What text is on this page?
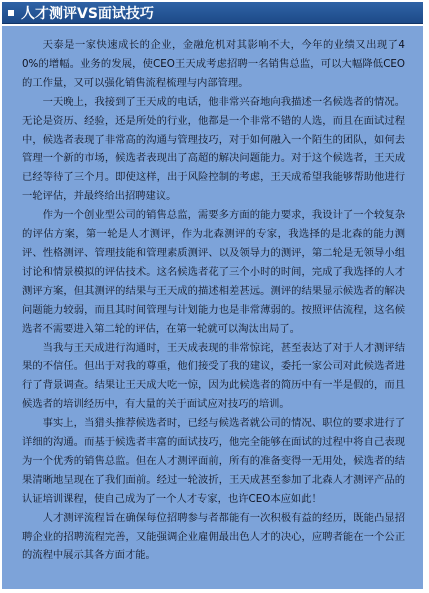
人才测评VS面试技巧

天泰是一家快速成长的企业，金融危机对其影响不大，今年的业绩又出现了40%的增幅。业务的发展，使CEO王天成考虑招聘一名销售总监，可以大幅降低CEO的工作量，又可以强化销售流程梳理与内部管理。

一天晚上，我接到了王天成的电话，他非常兴奋地向我描述一名候选者的情况。无论是资历、经验，还是所处的行业，他都是一个非常不错的人选，而且在面试过程中，候选者表现了非常高的沟通与管理技巧，对于如何融入一个陌生的团队，如何去管理一个新的市场，候选者表现出了高超的解决问题能力。对于这个候选者，王天成已经等待了三个月。即使这样，出于风险控制的考虑，王天成希望我能够帮助他进行一轮评估，并最终给出招聘建议。

作为一个创业型公司的销售总监，需要多方面的能力要求，我设计了一个较复杂的评估方案，第一轮是人才测评，作为北森测评的专家，我选择的是北森的能力测评、性格测评、管理技能和管理素质测评、以及领导力的测评，第二轮是无领导小组讨论和情景模拟的评估技术。这名候选者花了三个小时的时间，完成了我选择的人才测评方案，但其测评的结果与王天成的描述相差甚远。测评的结果显示候选者的解决问题能力较弱，而且其时间管理与计划能力也是非常薄弱的。按照评估流程，这名候选者不需要进入第二轮的评估，在第一轮就可以淘汰出局了。

当我与王天成进行沟通时，王天成表现的非常惊诧，甚至表达了对于人才测评结果的不信任。但出于对我的尊重，他们接受了我的建议，委托一家公司对此候选者进行了背景调查。结果让王天成大吃一惊，因为此候选者的简历中有一半是假的，而且候选者的培训经历中，有大量的关于面试应对技巧的培训。

事实上，当猎头推荐候选者时，已经与候选者就公司的情况、职位的要求进行了详细的沟通。而基于候选者丰富的面试技巧，他完全能够在面试的过程中将自己表现为一个优秀的销售总监。但在人才测评面前，所有的准备变得一无用处，候选者的结果清晰地呈现在了我们面前。经过一轮波折，王天成甚至参加了北森人才测评产品的认证培训课程，使自己成为了一个人才专家，也许CEO本应如此！

人才测评流程旨在确保每位招聘参与者都能有一次积极有益的经历，既能凸显招聘企业的招聘流程完善，又能强调企业雇佣最出色人才的决心，应聘者能在一个公正的流程中展示其各方面才能。
